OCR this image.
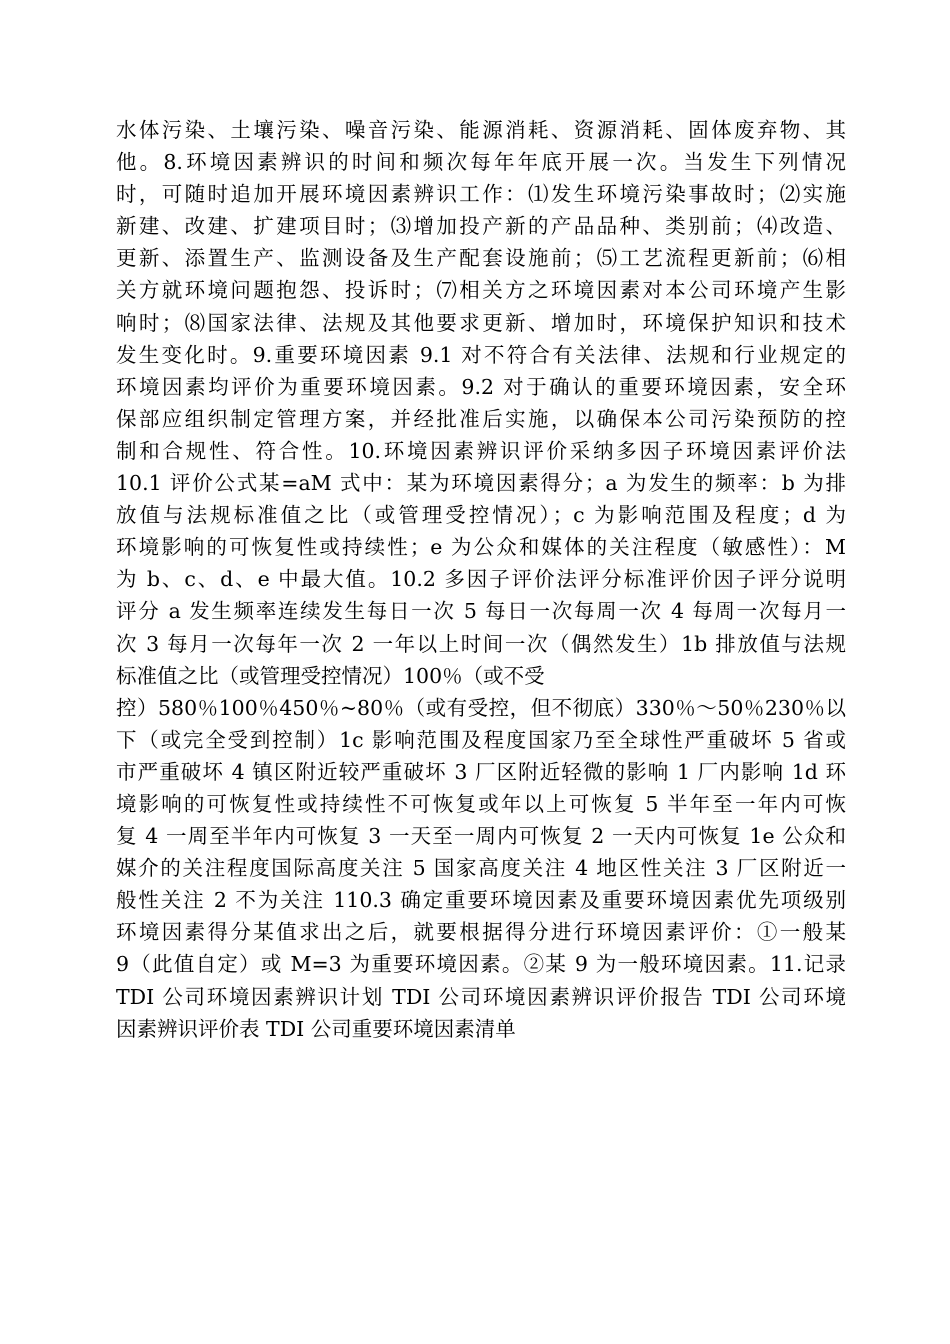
水体污染、土壤污染、噪音污染、能源消耗、资源消耗、固体废弃物、其
他。8.环境因素辨识的时间和频次每年年底开展一次。当发生下列情况
时，可随时追加开展环境因素辨识工作：⑴发生环境污染事故时；⑵实施
新建、改建、扩建项目时；⑶增加投产新的产品品种、类别前；⑷改造、
更新、添置生产、监测设备及生产配套设施前；⑸工艺流程更新前；⑹相
关方就环境问题抱怨、投诉时；⑺相关方之环境因素对本公司环境产生影
响时；⑻国家法律、法规及其他要求更新、增加时，环境保护知识和技术
发生变化时。9.重要环境因素 9.1 对不符合有关法律、法规和行业规定的
环境因素均评价为重要环境因素。9.2 对于确认的重要环境因素，安全环
保部应组织制定管理方案，并经批准后实施，以确保本公司污染预防的控
制和合规性、符合性。10.环境因素辨识评价采纳多因子环境因素评价法
10.1 评价公式某=aM 式中：某为环境因素得分；a 为发生的频率：b 为排
放值与法规标准值之比（或管理受控情况）；c 为影响范围及程度；d 为
环境影响的可恢复性或持续性；e 为公众和媒体的关注程度（敏感性）：M
为 b、c、d、e 中最大值。10.2 多因子评价法评分标准评价因子评分说明
评分 a 发生频率连续发生每日一次 5 每日一次每周一次 4 每周一次每月一
次 3 每月一次每年一次 2 一年以上时间一次（偶然发生）1b 排放值与法规
标准值之比（或管理受控情况）100％（或不受
控）580％100％450％~80％（或有受控，但不彻底）330％～50％230％以
下（或完全受到控制）1c 影响范围及程度国家乃至全球性严重破坏 5 省或
市严重破坏 4 镇区附近较严重破坏 3 厂区附近轻微的影响 1 厂内影响 1d 环
境影响的可恢复性或持续性不可恢复或年以上可恢复 5 半年至一年内可恢
复 4 一周至半年内可恢复 3 一天至一周内可恢复 2 一天内可恢复 1e 公众和
媒介的关注程度国际高度关注 5 国家高度关注 4 地区性关注 3 厂区附近一
般性关注 2 不为关注 110.3 确定重要环境因素及重要环境因素优先项级别
环境因素得分某值求出之后，就要根据得分进行环境因素评价：①一般某
9（此值自定）或 M=3 为重要环境因素。②某 9 为一般环境因素。11.记录
TDI 公司环境因素辨识计划 TDI 公司环境因素辨识评价报告 TDI 公司环境
因素辨识评价表 TDI 公司重要环境因素清单
